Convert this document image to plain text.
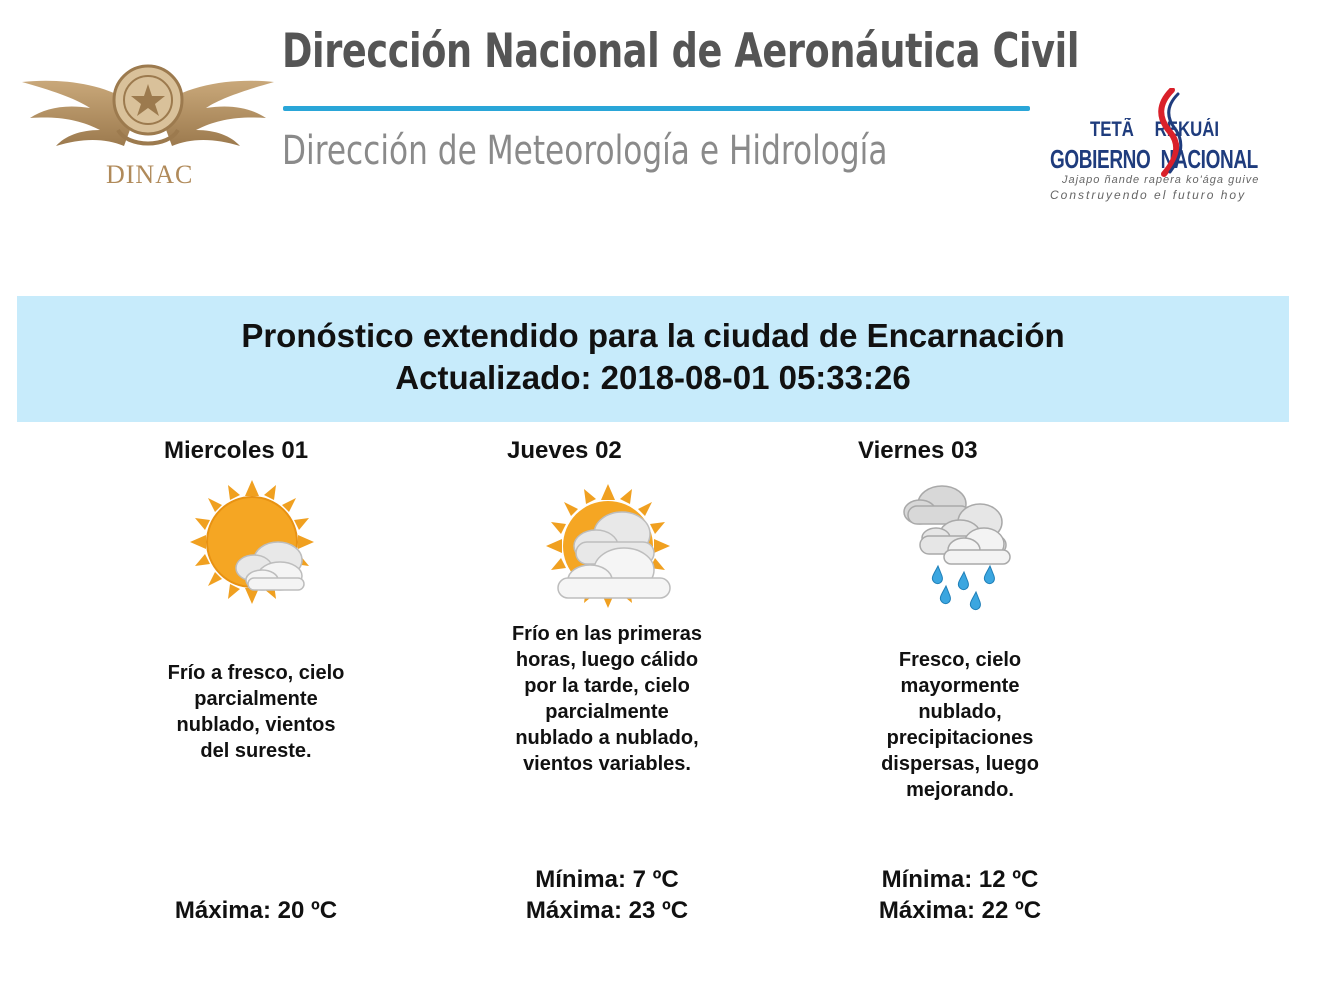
DINAC
Dirección Nacional de Aeronáutica Civil
Dirección de Meteorología e Hidrología	TETÃ REKUÁI
GOBIERNO NACIONAL
Jajapo ñande rapera ko'ága guive
Construyendo el futuro hoy
Pronóstico extendido para la ciudad de Encarnación
Actualizado: 2018-08-01 05:33:26
Miercoles 01
Frío a fresco, cielo parcialmente nublado, vientos del sureste.
Máxima: 20 ºC
Jueves 02
Frío en las primeras horas, luego cálido por la tarde, cielo parcialmente nublado a nublado, vientos variables.
Mínima: 7 ºC
Máxima: 23 ºC
Viernes 03
Fresco, cielo mayormente nublado, precipitaciones dispersas, luego mejorando.
Mínima: 12 ºC
Máxima: 22 ºC
